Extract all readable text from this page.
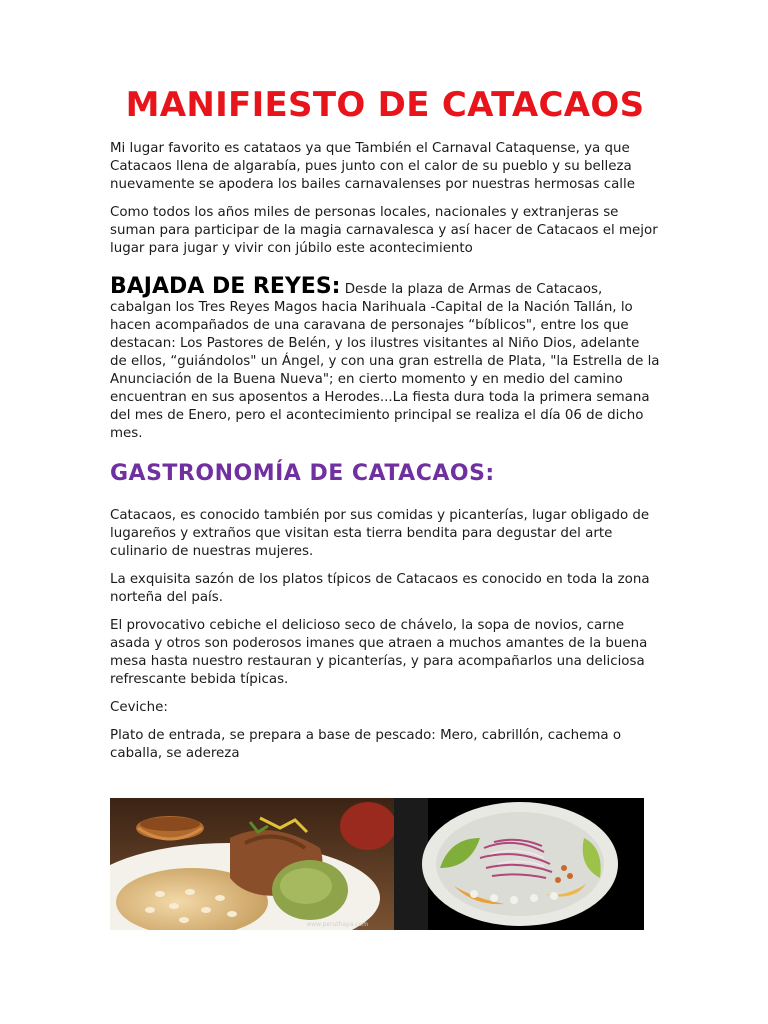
MANIFIESTO DE CATACAOS

Mi lugar favorito es catataos ya que También el Carnaval Cataquense, ya que Catacaos llena de algarabía, pues junto con el calor de su pueblo y su belleza nuevamente se apodera los bailes carnavalenses por nuestras hermosas calle

Como todos los años miles de personas locales, nacionales y extranjeras se suman para participar de la magia carnavalesca y así hacer de Catacaos el mejor lugar para jugar y vivir con júbilo este acontecimiento

BAJADA DE REYES: Desde la plaza de Armas de Catacaos, cabalgan los Tres Reyes Magos hacia Narihuala -Capital de la Nación Tallán, lo hacen acompañados de una caravana de personajes “bíblicos", entre los que destacan: Los Pastores de Belén, y los ilustres visitantes al Niño Dios, adelante de ellos, “guiándolos" un Ángel, y con una gran estrella de Plata, "la Estrella de la Anunciación de la Buena Nueva"; en cierto momento y en medio del camino encuentran en sus aposentos a Herodes...La fiesta dura toda la primera semana del mes de Enero, pero el acontecimiento principal se realiza el día 06 de dicho mes.

GASTRONOMÍA DE CATACAOS:

Catacaos, es conocido también por sus comidas y picanterías, lugar obligado de lugareños y extraños que visitan esta tierra bendita para degustar del arte culinario de nuestras mujeres.

La exquisita sazón de los platos típicos de Catacaos es conocido en toda la zona norteña del país.

El provocativo cebiche el delicioso seco de chávelo, la sopa de novios, carne asada y otros son poderosos imanes que atraen a muchos amantes de la buena mesa hasta nuestro restauran y picanterías, y para acompañarlos una deliciosa refrescante bebida típicas.

Ceviche:

Plato de entrada, se prepara a base de pescado: Mero, cabrillón, cachema o caballa, se adereza

www.peruthaya.com
